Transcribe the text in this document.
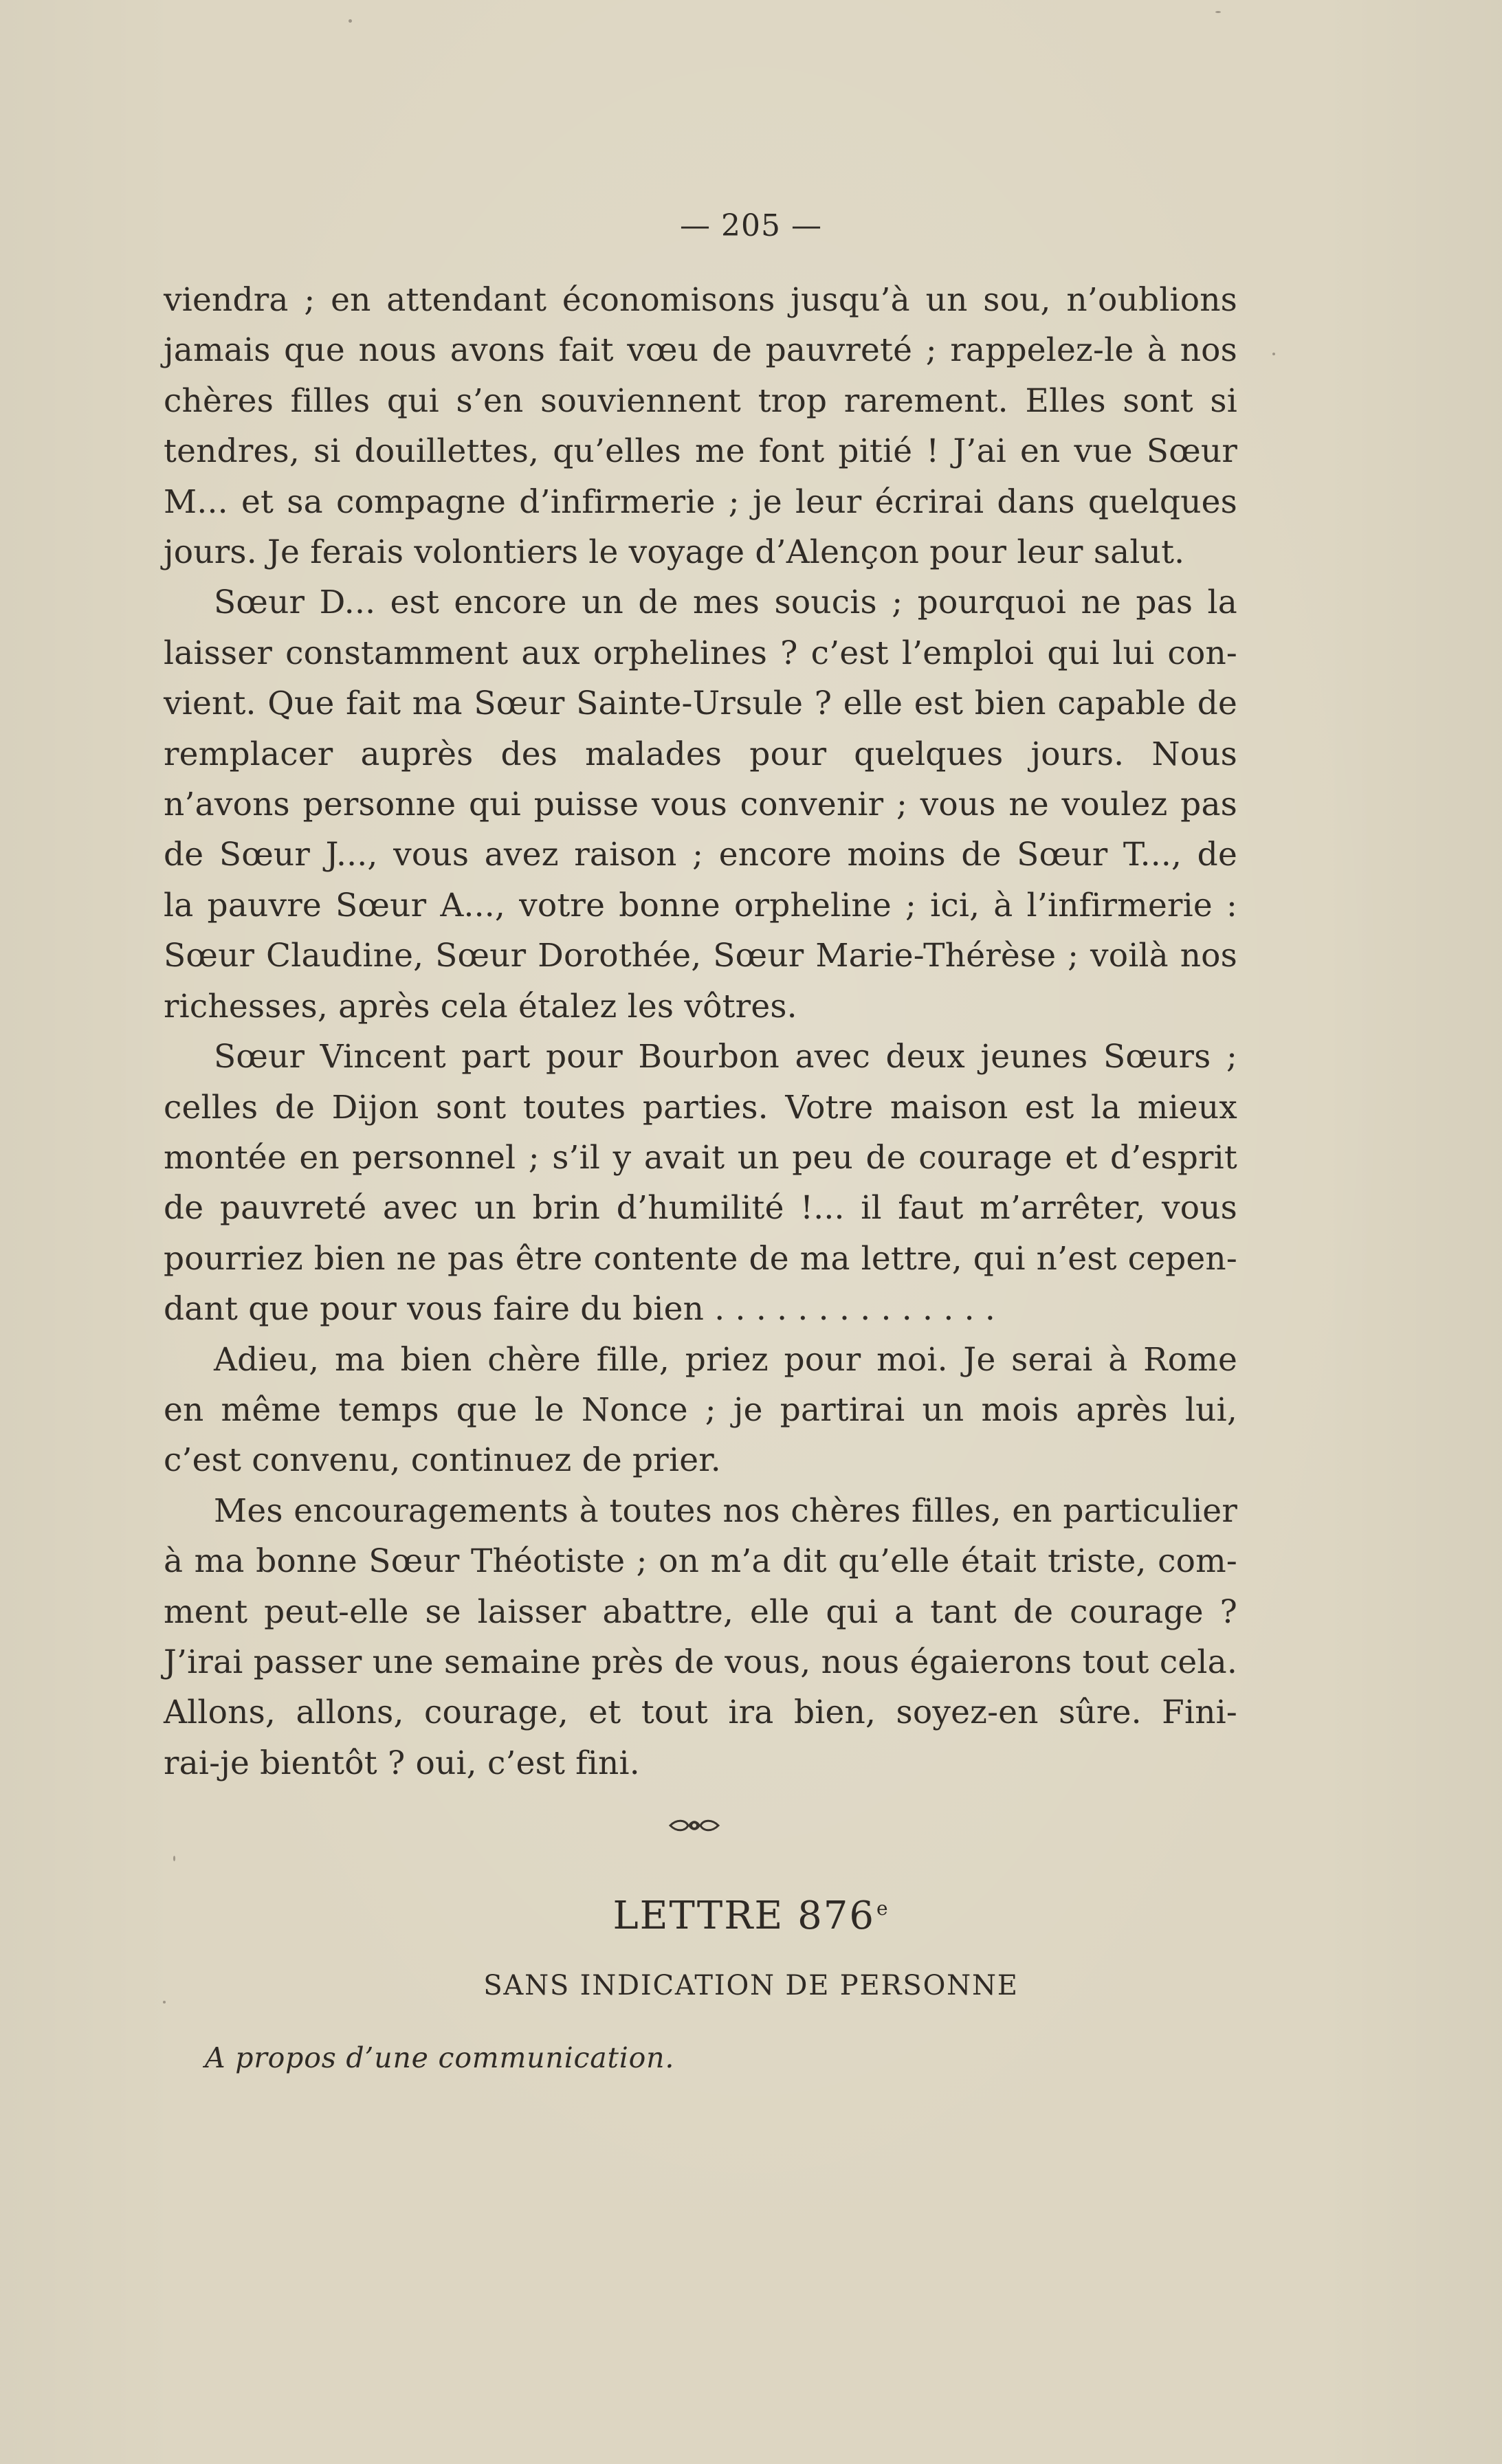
— 205 —
viendra ; en attendant économisons jusqu’à un sou, n’oublions
jamais que nous avons fait vœu de pauvreté ; rappelez-le à nos
chères filles qui s’en souviennent trop rarement. Elles sont si
tendres, si douillettes, qu’elles me font pitié ! J’ai en vue Sœur
M... et sa compagne d’infirmerie ; je leur écrirai dans quelques
jours. Je ferais volontiers le voyage d’Alençon pour leur salut.
Sœur D... est encore un de mes soucis ; pourquoi ne pas la
laisser constamment aux orphelines ? c’est l’emploi qui lui con-
vient. Que fait ma Sœur Sainte-Ursule ? elle est bien capable de
remplacer auprès des malades pour quelques jours. Nous
n’avons personne qui puisse vous convenir ; vous ne voulez pas
de Sœur J..., vous avez raison ; encore moins de Sœur T..., de
la pauvre Sœur A..., votre bonne orpheline ; ici, à l’infirmerie :
Sœur Claudine, Sœur Dorothée, Sœur Marie-Thérèse ; voilà nos
richesses, après cela étalez les vôtres.
Sœur Vincent part pour Bourbon avec deux jeunes Sœurs ;
celles de Dijon sont toutes parties. Votre maison est la mieux
montée en personnel ; s’il y avait un peu de courage et d’esprit
de pauvreté avec un brin d’humilité !... il faut m’arrêter, vous
pourriez bien ne pas être contente de ma lettre, qui n’est cepen-
dant que pour vous faire du bien . . . . . . . . . . . . . .
Adieu, ma bien chère fille, priez pour moi. Je serai à Rome
en même temps que le Nonce ; je partirai un mois après lui,
c’est convenu, continuez de prier.
Mes encouragements à toutes nos chères filles, en particulier
à ma bonne Sœur Théotiste ; on m’a dit qu’elle était triste, com-
ment peut-elle se laisser abattre, elle qui a tant de courage ?
J’irai passer une semaine près de vous, nous égaierons tout cela.
Allons, allons, courage, et tout ira bien, soyez-en sûre. Fini-
rai-je bientôt ? oui, c’est fini.
LETTRE 876e
SANS INDICATION DE PERSONNE
A propos d’une communication.
